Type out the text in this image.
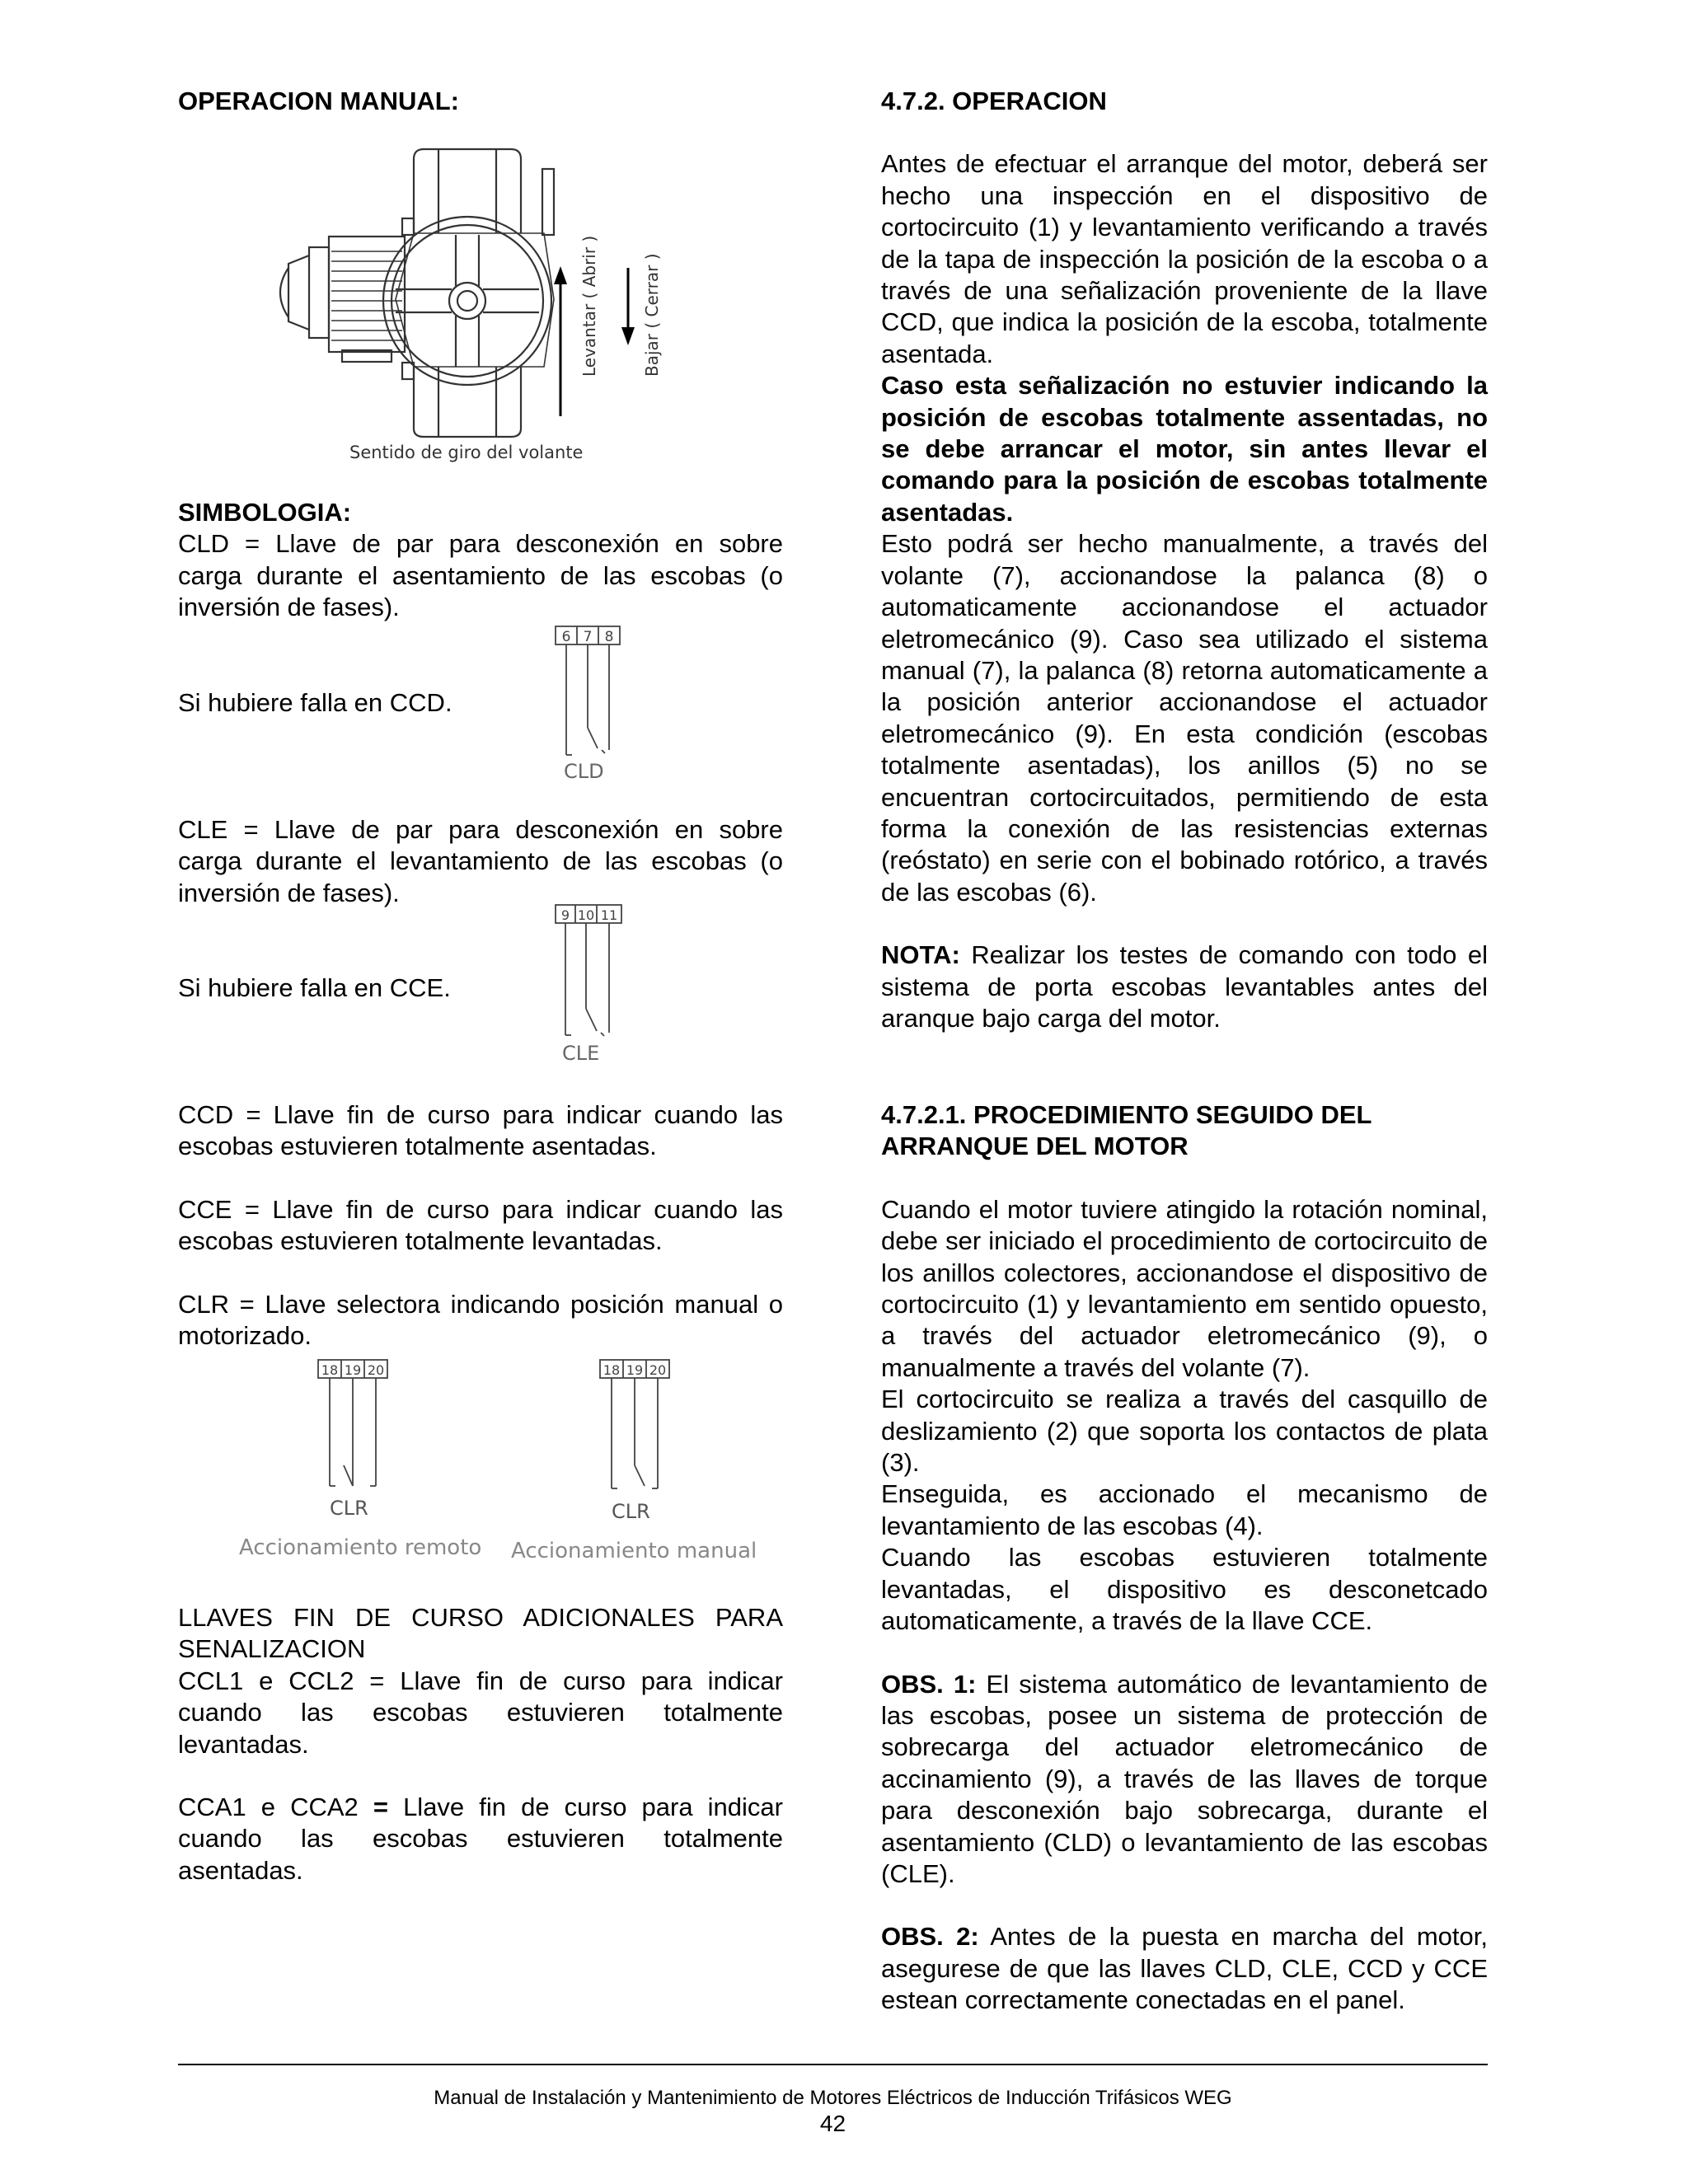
OPERACION MANUAL:

Levantar ( Abrir )	Bajar ( Cerrar )
Sentido de giro del volante

SIMBOLOGIA:

CLD = Llave de par para desconexión en sobre carga durante el asentamiento de las escobas (o inversión de fases).

6 7 8
CLD

Si hubiere falla en CCD.

CLE = Llave de par para desconexión en sobre carga durante el levantamiento de las escobas (o inversión de fases).

9 10 11
CLE

Si hubiere falla en CCE.

CCD = Llave fin de curso para indicar cuando las escobas estuvieren totalmente asentadas.

CCE = Llave fin de curso para indicar cuando las escobas estuvieren totalmente levantadas.

CLR = Llave selectora indicando posición manual o motorizado.

18 19 20
CLR
Accionamiento remoto
18 19 20
CLR
Accionamiento manual

LLAVES FIN DE CURSO ADICIONALES PARA SENALIZACION

CCL1 e CCL2 = Llave fin de curso para indicar cuando las escobas estuvieren totalmente levantadas.

CCA1 e CCA2 = Llave fin de curso para indicar cuando las escobas estuvieren totalmente asentadas.

4.7.2. OPERACION

Antes de efectuar el arranque del motor, deberá ser hecho una inspección en el dispositivo de cortocircuito (1) y levantamiento verificando a través de la tapa de inspección la posición de la escoba o a través de una señalización proveniente de la llave CCD, que indica la posición de la escoba, totalmente asentada.

Caso esta señalización no estuvier indicando la posición de escobas totalmente assentadas, no se debe arrancar el motor, sin antes llevar el comando para la posición de escobas totalmente asentadas.

Esto podrá ser hecho manualmente, a través del volante (7), accionandose la palanca (8) o automaticamente accionandose el actuador eletromecánico (9). Caso sea utilizado el sistema manual (7), la palanca (8) retorna automaticamente a la posición anterior accionandose el actuador eletromecánico (9). En esta condición (escobas totalmente asentadas), los anillos (5) no se encuentran cortocircuitados, permitiendo de esta forma la conexión de las resistencias externas (reóstato) en serie con el bobinado rotórico, a través de las escobas (6).

NOTA: Realizar los testes de comando con todo el sistema de porta escobas levantables antes del aranque bajo carga del motor.

4.7.2.1. PROCEDIMIENTO SEGUIDO DEL

ARRANQUE DEL MOTOR

Cuando el motor tuviere atingido la rotación nominal, debe ser iniciado el procedimiento de cortocircuito de los anillos colectores, accionandose el dispositivo de cortocircuito (1) y levantamiento em sentido opuesto, a través del actuador eletromecánico (9), o manualmente a través del volante (7).

El cortocircuito se realiza a través del casquillo de deslizamiento (2) que soporta los contactos de plata (3).

Enseguida, es accionado el mecanismo de levantamiento de las escobas (4).

Cuando las escobas estuvieren totalmente levantadas, el dispositivo es desconetcado automaticamente, a través de la llave CCE.

OBS. 1: El sistema automático de levantamiento de las escobas, posee un sistema de protección de sobrecarga del actuador eletromecánico de accinamiento (9), a través de las llaves de torque para desconexión bajo sobrecarga, durante el asentamiento (CLD) o levantamiento de las escobas (CLE).

OBS. 2: Antes de la puesta en marcha del motor, asegurese de que las llaves CLD, CLE, CCD y CCE estean correctamente conectadas en el panel.

Manual de Instalación y Mantenimiento de Motores Eléctricos de Inducción Trifásicos WEG
42
